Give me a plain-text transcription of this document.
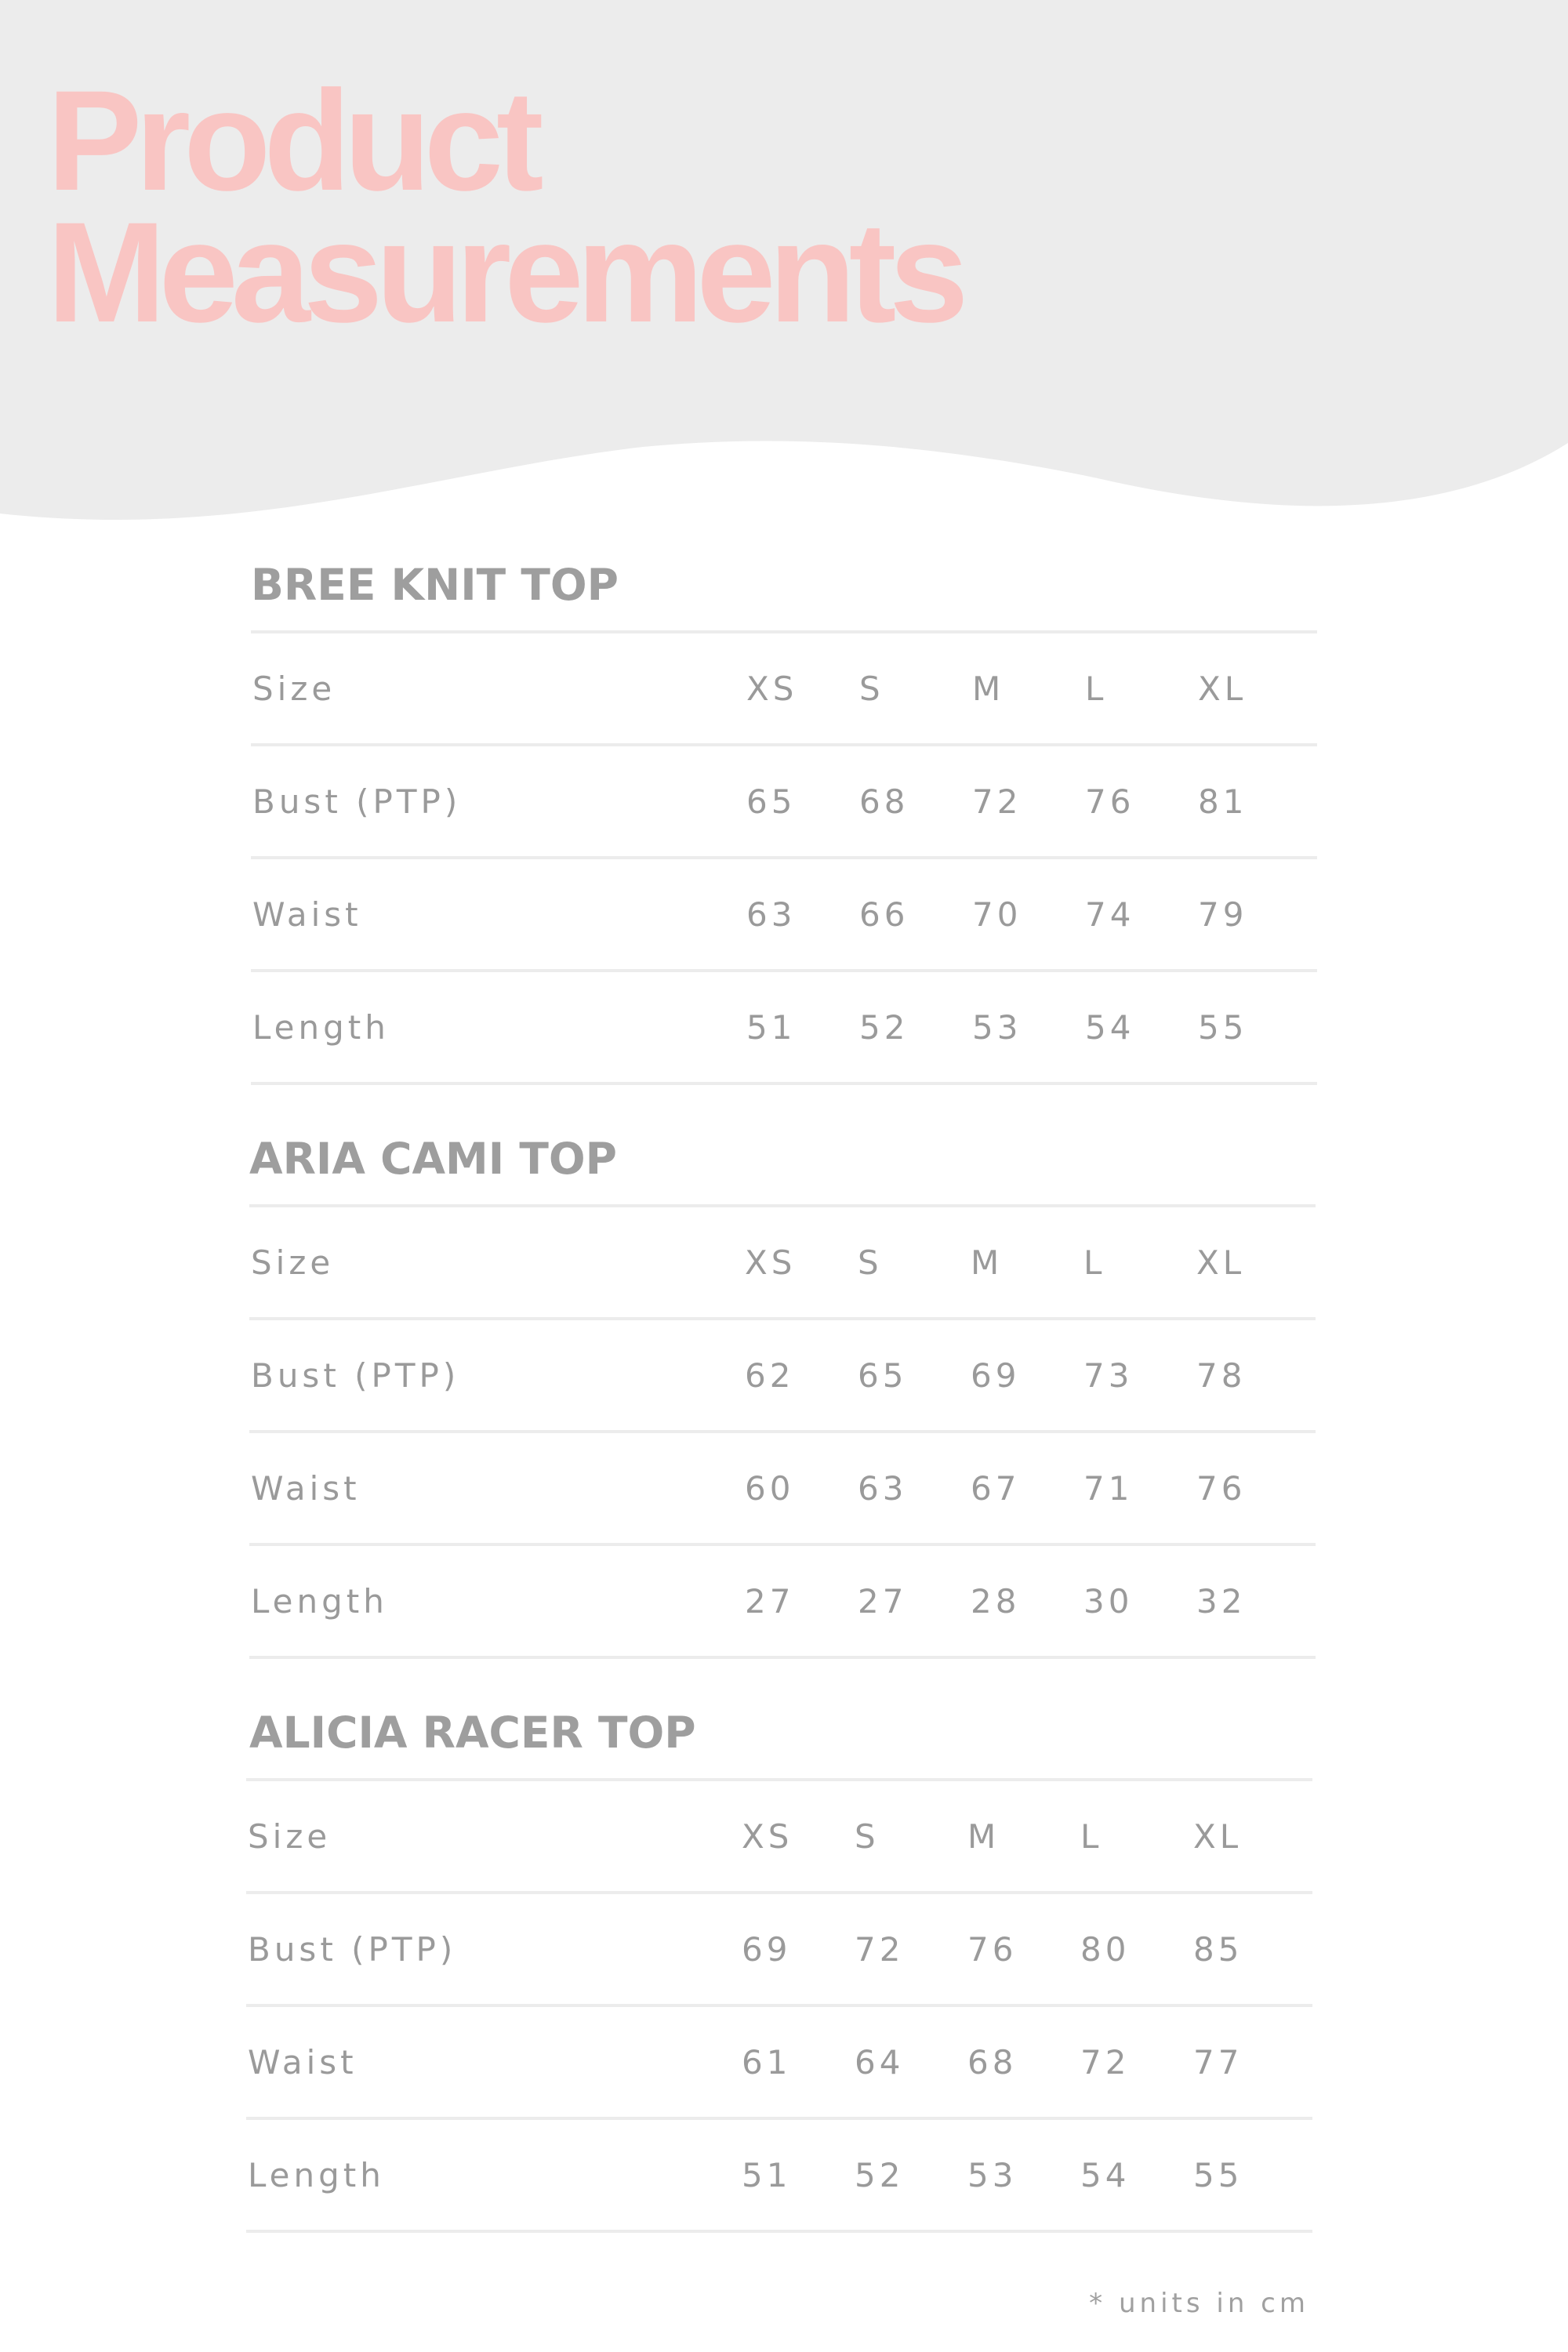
Product
Measurements
BREE KNIT TOP
Size	XS	S	M	L	XL
Bust (PTP)	65	68	72	76	81
Waist	63	66	70	74	79
Length	51	52	53	54	55
ARIA CAMI TOP
Size	XS	S	M	L	XL
Bust (PTP)	62	65	69	73	78
Waist	60	63	67	71	76
Length	27	27	28	30	32
ALICIA RACER TOP
Size	XS	S	M	L	XL
Bust (PTP)	69	72	76	80	85
Waist	61	64	68	72	77
Length	51	52	53	54	55
* units in cm
